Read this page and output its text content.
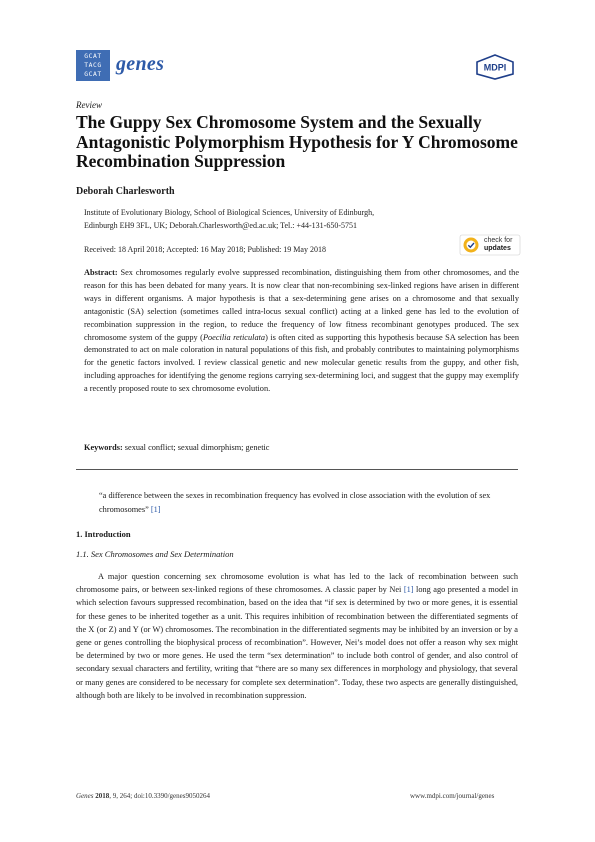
GCAT
TACG
GCAT genes	MDPI
Review
The Guppy Sex Chromosome System and the Sexually Antagonistic Polymorphism Hypothesis for Y Chromosome Recombination Suppression
Deborah Charlesworth
Institute of Evolutionary Biology, School of Biological Sciences, University of Edinburgh,
Edinburgh EH9 3FL, UK; Deborah.Charlesworth@ed.ac.uk; Tel.: +44-131-650-5751
Received: 18 April 2018; Accepted: 16 May 2018; Published: 19 May 2018
check for
updates
Abstract: Sex chromosomes regularly evolve suppressed recombination, distinguishing them from other chromosomes, and the reason for this has been debated for many years. It is now clear that non-recombining sex-linked regions have arisen in different ways in different organisms. A major hypothesis is that a sex-determining gene arises on a chromosome and that sexually antagonistic (SA) selection (sometimes called intra-locus sexual conflict) acting at a linked gene has led to the evolution of recombination suppression in the region, to reduce the frequency of low fitness recombinant genotypes produced. The sex chromosome system of the guppy (Poecilia reticulata) is often cited as supporting this hypothesis because SA selection has been demonstrated to act on male coloration in natural populations of this fish, and probably contributes to maintaining polymorphisms for the genetic factors involved. I review classical genetic and new molecular genetic results from the guppy, and other fish, including approaches for identifying the genome regions carrying sex-determining loci, and suggest that the guppy may exemplify a recently proposed route to sex chromosome evolution.
Keywords: sexual conflict; sexual dimorphism; genetic
“a difference between the sexes in recombination frequency has evolved in close association with the evolution of sex chromosomes” [1]
1. Introduction
1.1. Sex Chromosomes and Sex Determination
A major question concerning sex chromosome evolution is what has led to the lack of recombination between such chromosome pairs, or between sex-linked regions of these chromosomes. A classic paper by Nei [1] long ago presented a model in which selection favours suppressed recombination, based on the idea that “if sex is determined by two or more genes, it is essential for these genes to be inherited together as a unit. This requires inhibition of recombination between the differentiated segments of the X (or Z) and Y (or W) chromosomes. The recombination in the differentiated segments may be inhibited by an inversion or by a gene or genes controlling the biophysical process of recombination”. However, Nei’s model does not offer a reason why sex might be determined by two or more genes. He used the term “sex determination” to include both control of gender, and also control of secondary sexual characters and fertility, writing that “there are so many sex differences in morphology and physiology, that several or many genes are considered to be necessary for complete sex determination”. Today, these two aspects are generally distinguished, although both are likely to be involved in recombination suppression.
Genes 2018, 9, 264; doi:10.3390/genes9050264	www.mdpi.com/journal/genes
